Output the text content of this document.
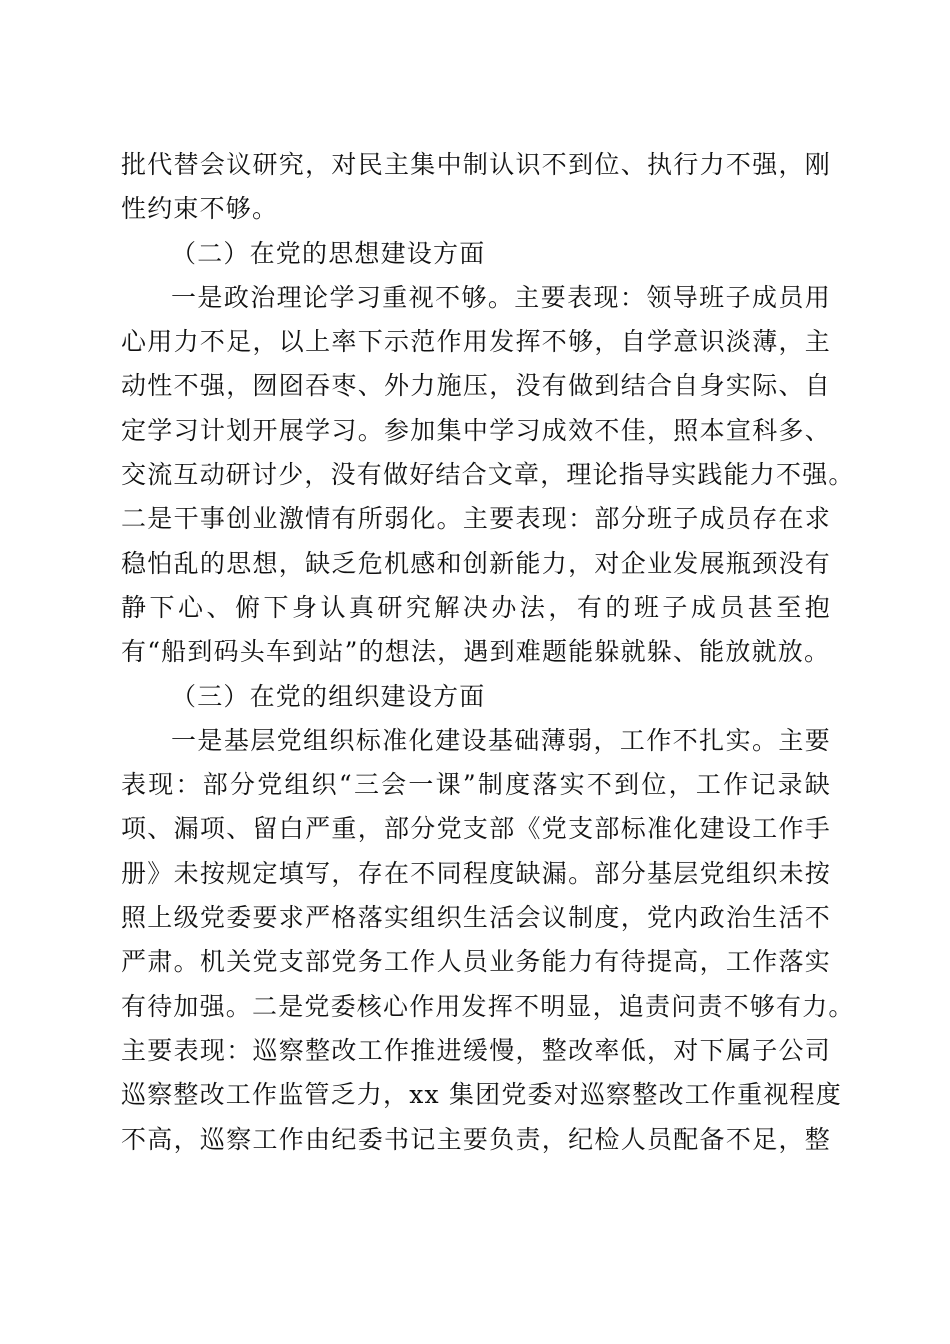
批代替会议研究，对民主集中制认识不到位、执行力不强，刚
性约束不够。
（二）在党的思想建设方面
一是政治理论学习重视不够。主要表现：领导班子成员用
心用力不足，以上率下示范作用发挥不够，自学意识淡薄，主
动性不强，囫囵吞枣、外力施压，没有做到结合自身实际、自
定学习计划开展学习。参加集中学习成效不佳，照本宣科多、
交流互动研讨少，没有做好结合文章，理论指导实践能力不强。
二是干事创业激情有所弱化。主要表现：部分班子成员存在求
稳怕乱的思想，缺乏危机感和创新能力，对企业发展瓶颈没有
静下心、俯下身认真研究解决办法，有的班子成员甚至抱
有“船到码头车到站”的想法，遇到难题能躲就躲、能放就放。
（三）在党的组织建设方面
一是基层党组织标准化建设基础薄弱，工作不扎实。主要
表现：部分党组织“三会一课”制度落实不到位，工作记录缺
项、漏项、留白严重，部分党支部《党支部标准化建设工作手
册》未按规定填写，存在不同程度缺漏。部分基层党组织未按
照上级党委要求严格落实组织生活会议制度，党内政治生活不
严肃。机关党支部党务工作人员业务能力有待提高，工作落实
有待加强。二是党委核心作用发挥不明显，追责问责不够有力。
主要表现：巡察整改工作推进缓慢，整改率低，对下属子公司
巡察整改工作监管乏力，xx 集团党委对巡察整改工作重视程度
不高，巡察工作由纪委书记主要负责，纪检人员配备不足，整
